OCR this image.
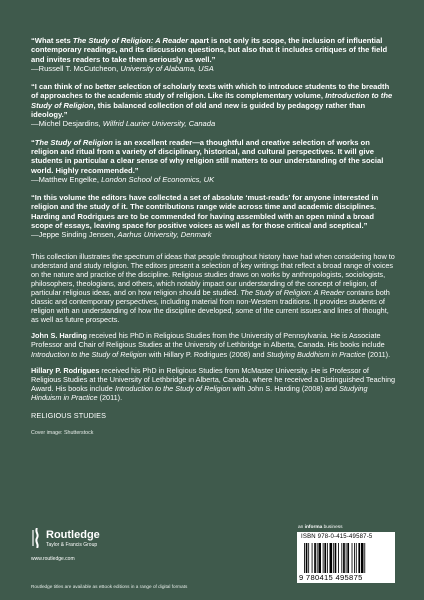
“What sets The Study of Religion: A Reader apart is not only its scope, the inclusion of influential contemporary readings, and its discussion questions, but also that it includes critiques of the field and invites readers to take them seriously as well.”
—Russell T. McCutcheon, University of Alabama, USA

“I can think of no better selection of scholarly texts with which to introduce students to the breadth of approaches to the academic study of religion. Like its complementary volume, Introduction to the Study of Religion, this balanced collection of old and new is guided by pedagogy rather than ideology.”
—Michel Desjardins, Wilfrid Laurier University, Canada

“The Study of Religion is an excellent reader—a thoughtful and creative selection of works on religion and ritual from a variety of disciplinary, historical, and cultural perspectives. It will give students in particular a clear sense of why religion still matters to our understanding of the social world. Highly recommended.”
—Matthew Engelke, London School of Economics, UK

“In this volume the editors have collected a set of absolute ‘must-reads’ for anyone interested in religion and the study of it. The contributions range wide across time and academic disciplines. Harding and Rodrigues are to be commended for having assembled with an open mind a broad scope of essays, leaving space for positive voices as well as for those critical and sceptical.”
—Jeppe Sinding Jensen, Aarhus University, Denmark

This collection illustrates the spectrum of ideas that people throughout history have had when considering how to understand and study religion. The editors present a selection of key writings that reflect a broad range of voices on the nature and practice of the discipline. Religious studies draws on works by anthropologists, sociologists, philosophers, theologians, and others, which notably impact our understanding of the concept of religion, of particular religious ideas, and on how religion should be studied. The Study of Religion: A Reader contains both classic and contemporary perspectives, including material from non-Western traditions. It provides students of religion with an understanding of how the discipline developed, some of the current issues and lines of thought, as well as future prospects.

John S. Harding received his PhD in Religious Studies from the University of Pennsylvania. He is Associate Professor and Chair of Religious Studies at the University of Lethbridge in Alberta, Canada. His books include Introduction to the Study of Religion with Hillary P. Rodrigues (2008) and Studying Buddhism in Practice (2011).

Hillary P. Rodrigues received his PhD in Religious Studies from McMaster University. He is Professor of Religious Studies at the University of Lethbridge in Alberta, Canada, where he received a Distinguished Teaching Award. His books include Introduction to the Study of Religion with John S. Harding (2008) and Studying Hinduism in Practice (2011).

RELIGIOUS STUDIES
Cover image: Shutterstock
Routledge
Taylor & Francis Group
www.routledge.com
Routledge titles are available as eBook editions in a range of digital formats
an informa business
ISBN 978-0-415-49587-5
9 780415 495875
